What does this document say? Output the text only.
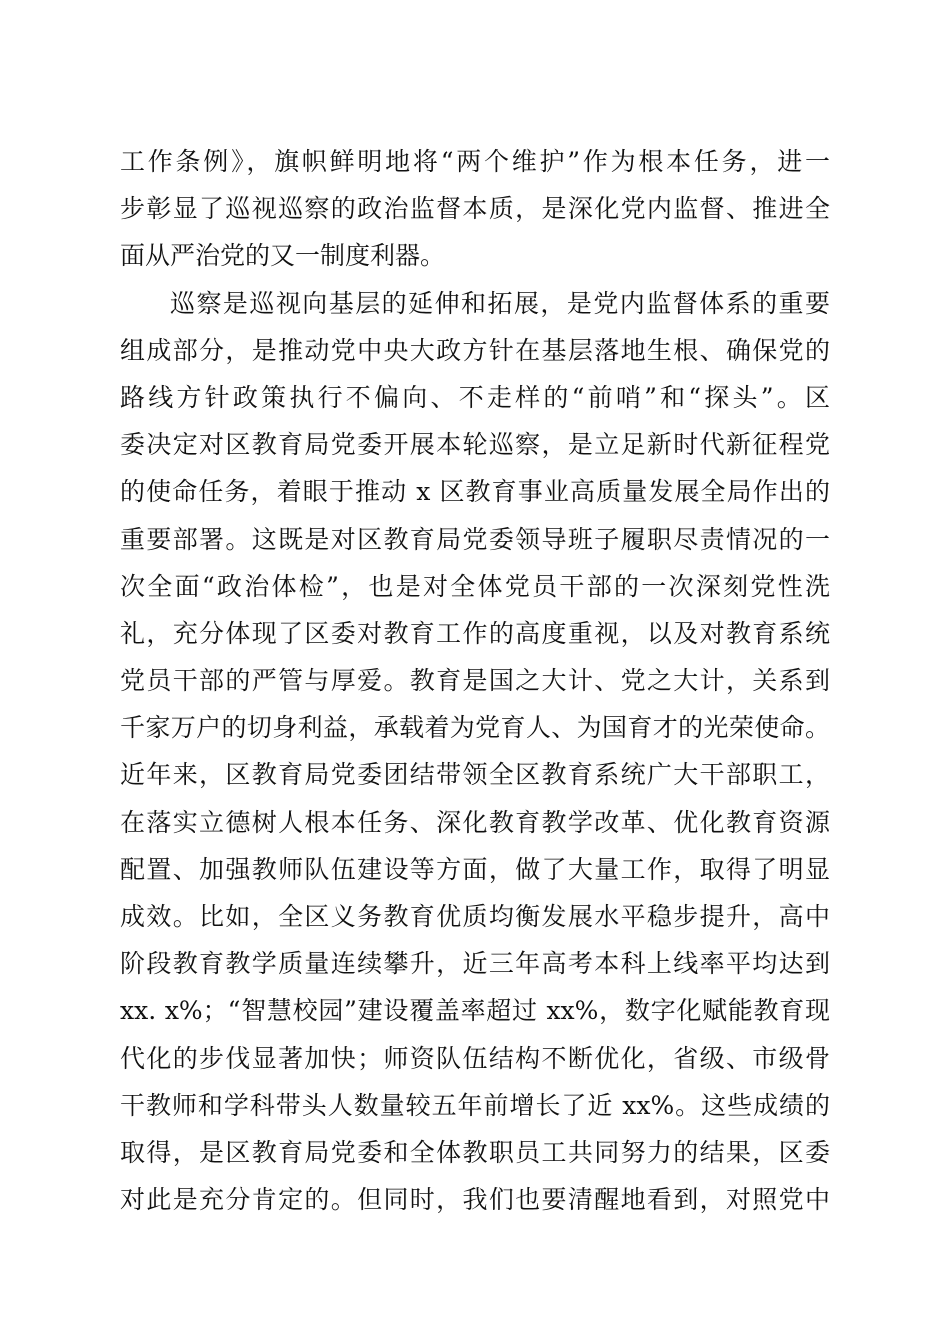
工作条例》，旗帜鲜明地将“两个维护”作为根本任务，进一
步彰显了巡视巡察的政治监督本质，是深化党内监督、推进全
面从严治党的又一制度利器。
巡察是巡视向基层的延伸和拓展，是党内监督体系的重要
组成部分，是推动党中央大政方针在基层落地生根、确保党的
路线方针政策执行不偏向、不走样的“前哨”和“探头”。区
委决定对区教育局党委开展本轮巡察，是立足新时代新征程党
的使命任务，着眼于推动 x 区教育事业高质量发展全局作出的
重要部署。这既是对区教育局党委领导班子履职尽责情况的一
次全面“政治体检”，也是对全体党员干部的一次深刻党性洗
礼，充分体现了区委对教育工作的高度重视，以及对教育系统
党员干部的严管与厚爱。教育是国之大计、党之大计，关系到
千家万户的切身利益，承载着为党育人、为国育才的光荣使命。
近年来，区教育局党委团结带领全区教育系统广大干部职工，
在落实立德树人根本任务、深化教育教学改革、优化教育资源
配置、加强教师队伍建设等方面，做了大量工作，取得了明显
成效。比如，全区义务教育优质均衡发展水平稳步提升，高中
阶段教育教学质量连续攀升，近三年高考本科上线率平均达到
xx. x%；“智慧校园”建设覆盖率超过 xx%，数字化赋能教育现
代化的步伐显著加快；师资队伍结构不断优化，省级、市级骨
干教师和学科带头人数量较五年前增长了近 xx%。这些成绩的
取得，是区教育局党委和全体教职员工共同努力的结果，区委
对此是充分肯定的。但同时，我们也要清醒地看到，对照党中
